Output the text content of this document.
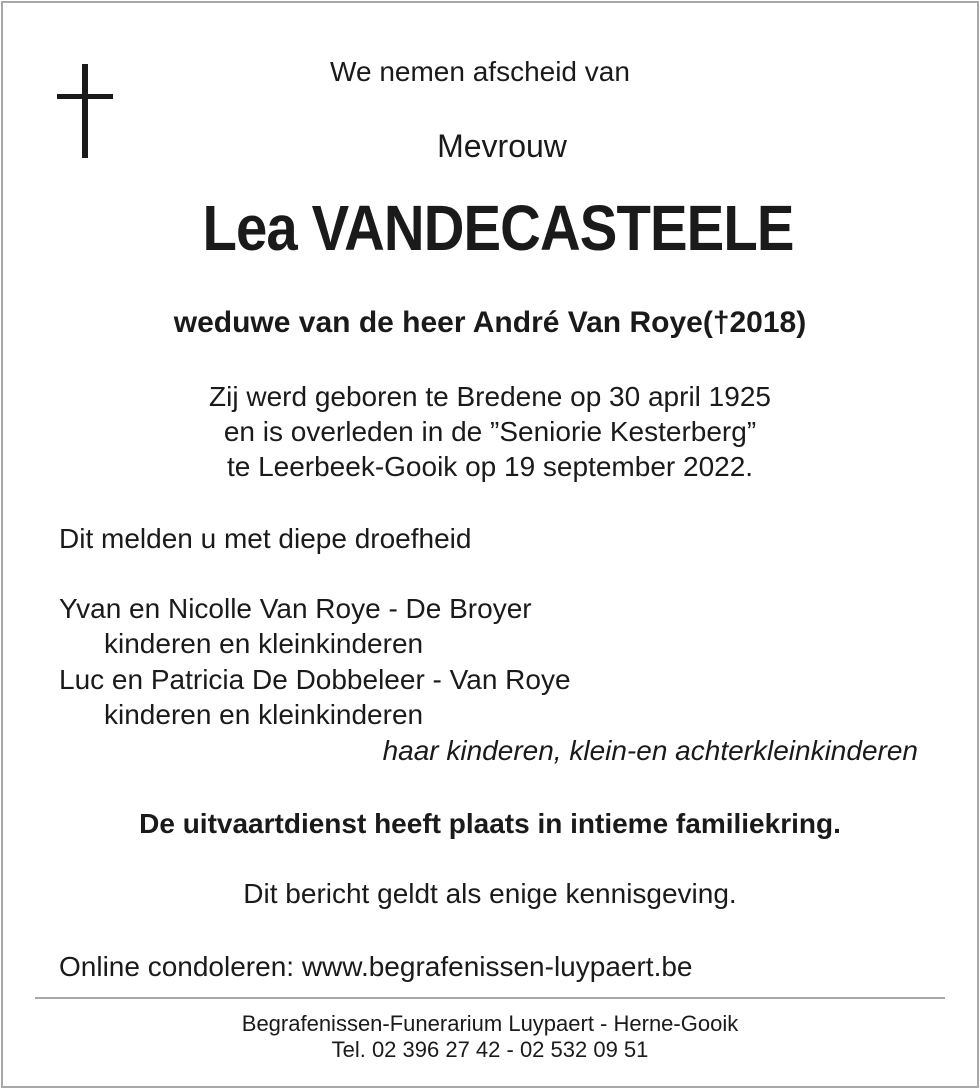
We nemen afscheid van
Mevrouw
Lea VANDECASTEELE
weduwe van de heer André Van Roye(†2018)
Zij werd geboren te Bredene op 30 april 1925
en is overleden in de ”Seniorie Kesterberg”
te Leerbeek-Gooik op 19 september 2022.
Dit melden u met diepe droefheid
Yvan en Nicolle Van Roye - De Broyer
kinderen en kleinkinderen
Luc en Patricia De Dobbeleer - Van Roye
kinderen en kleinkinderen
haar kinderen, klein-en achterkleinkinderen
De uitvaartdienst heeft plaats in intieme familiekring.
Dit bericht geldt als enige kennisgeving.
Online condoleren: www.begrafenissen-luypaert.be
Begrafenissen-Funerarium Luypaert - Herne-Gooik
Tel. 02 396 27 42 - 02 532 09 51
